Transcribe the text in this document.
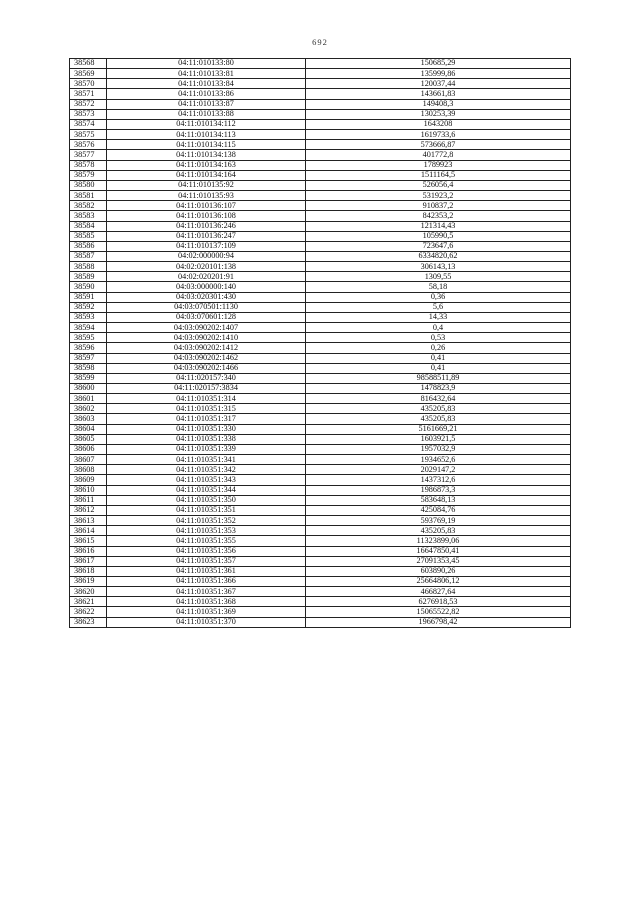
692
38568	04:11:010133:80	150685,29
38569	04:11:010133:81	135999,86
38570	04:11:010133:84	120037,44
38571	04:11:010133:86	143661,83
38572	04:11:010133:87	149408,3
38573	04:11:010133:88	130253,39
38574	04:11:010134:112	1643208
38575	04:11:010134:113	1619733,6
38576	04:11:010134:115	573666,87
38577	04:11:010134:138	401772,8
38578	04:11:010134:163	1789923
38579	04:11:010134:164	1511164,5
38580	04:11:010135:92	526056,4
38581	04:11:010135:93	531923,2
38582	04:11:010136:107	910837,2
38583	04:11:010136:108	842353,2
38584	04:11:010136:246	121314,43
38585	04:11:010136:247	105990,5
38586	04:11:010137:109	723647,6
38587	04:02:000000:94	6334820,62
38588	04:02:020101:138	306143,13
38589	04:02:020201:91	1309,55
38590	04:03:000000:140	58,18
38591	04:03:020301:430	0,36
38592	04:03:070501:1130	5,6
38593	04:03:070601:128	14,33
38594	04:03:090202:1407	0,4
38595	04:03:090202:1410	0,53
38596	04:03:090202:1412	0,26
38597	04:03:090202:1462	0,41
38598	04:03:090202:1466	0,41
38599	04:11:020157:340	98588511,89
38600	04:11:020157:3834	1478823,9
38601	04:11:010351:314	816432,64
38602	04:11:010351:315	435205,83
38603	04:11:010351:317	435205,83
38604	04:11:010351:330	5161669,21
38605	04:11:010351:338	1603921,5
38606	04:11:010351:339	1957032,9
38607	04:11:010351:341	1934652,6
38608	04:11:010351:342	2029147,2
38609	04:11:010351:343	1437312,6
38610	04:11:010351:344	1986873,3
38611	04:11:010351:350	583648,13
38612	04:11:010351:351	425084,76
38613	04:11:010351:352	593769,19
38614	04:11:010351:353	435205,83
38615	04:11:010351:355	11323899,06
38616	04:11:010351:356	16647850,41
38617	04:11:010351:357	27091353,45
38618	04:11:010351:361	603890,26
38619	04:11:010351:366	25664806,12
38620	04:11:010351:367	466827,64
38621	04:11:010351:368	6276918,53
38622	04:11:010351:369	15065522,82
38623	04:11:010351:370	1966798,42
